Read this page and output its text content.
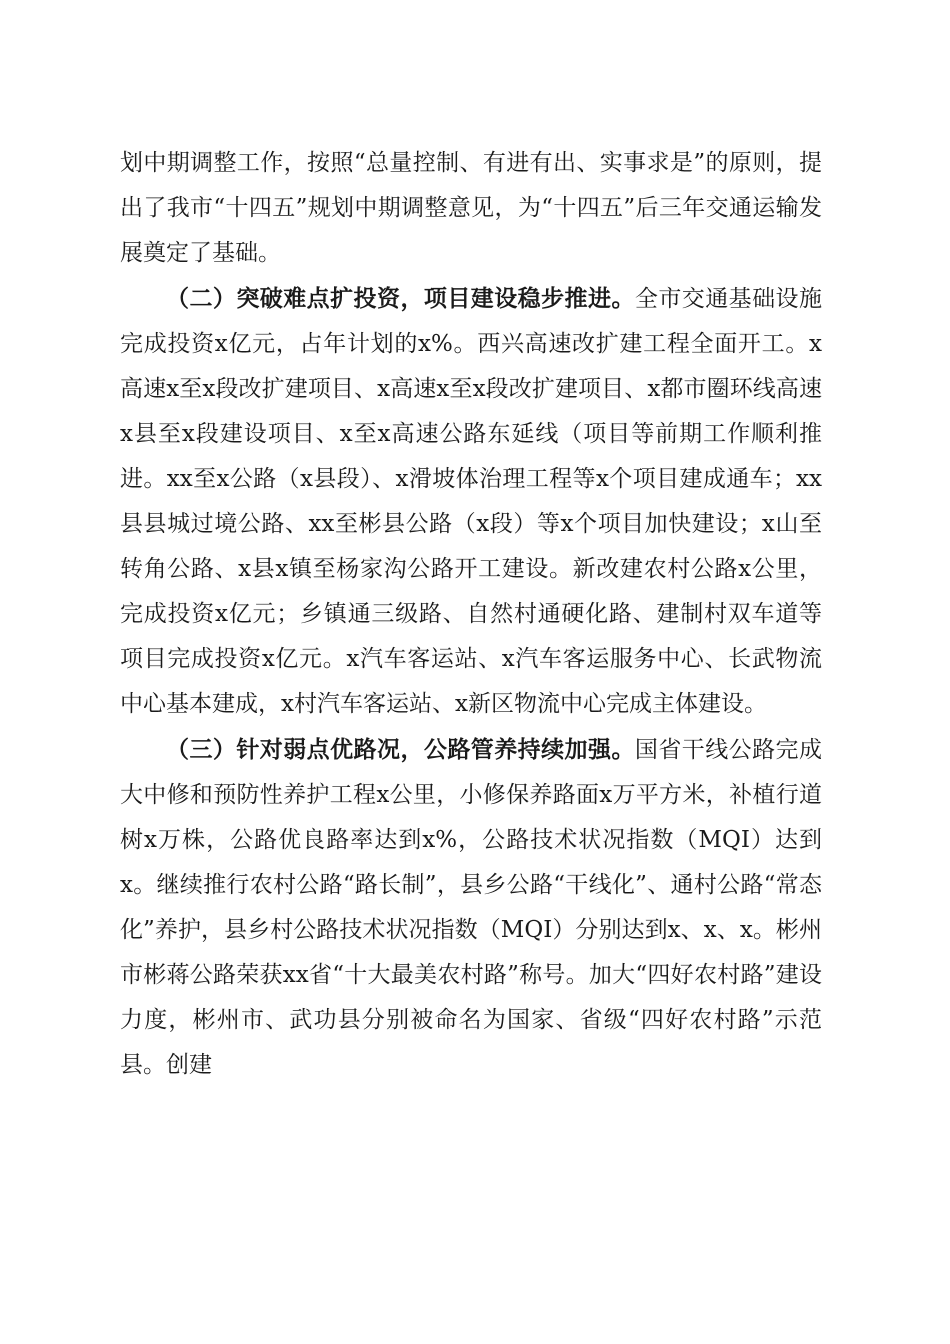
划中期调整工作，按照“总量控制、有进有出、实事求是”的原则，提出了我市“十四五”规划中期调整意见，为“十四五”后三年交通运输发展奠定了基础。

（二）突破难点扩投资，项目建设稳步推进。全市交通基础设施完成投资x亿元，占年计划的x%。西兴高速改扩建工程全面开工。x高速x至x段改扩建项目、x高速x至x段改扩建项目、x都市圈环线高速x县至x段建设项目、x至x高速公路东延线（项目等前期工作顺利推进。xx至x公路（x县段）、x滑坡体治理工程等x个项目建成通车；xx县县城过境公路、xx至彬县公路（x段）等x个项目加快建设；x山至转角公路、x县x镇至杨家沟公路开工建设。新改建农村公路x公里，完成投资x亿元；乡镇通三级路、自然村通硬化路、建制村双车道等项目完成投资x亿元。x汽车客运站、x汽车客运服务中心、长武物流中心基本建成，x村汽车客运站、x新区物流中心完成主体建设。

（三）针对弱点优路况，公路管养持续加强。国省干线公路完成大中修和预防性养护工程x公里，小修保养路面x万平方米，补植行道树x万株，公路优良路率达到x%，公路技术状况指数（MQI）达到x。继续推行农村公路“路长制”，县乡公路“干线化”、通村公路“常态化”养护，县乡村公路技术状况指数（MQI）分别达到x、x、x。彬州市彬蒋公路荣获xx省“十大最美农村路”称号。加大“四好农村路”建设力度，彬州市、武功县分别被命名为国家、省级“四好农村路”示范县。创建
